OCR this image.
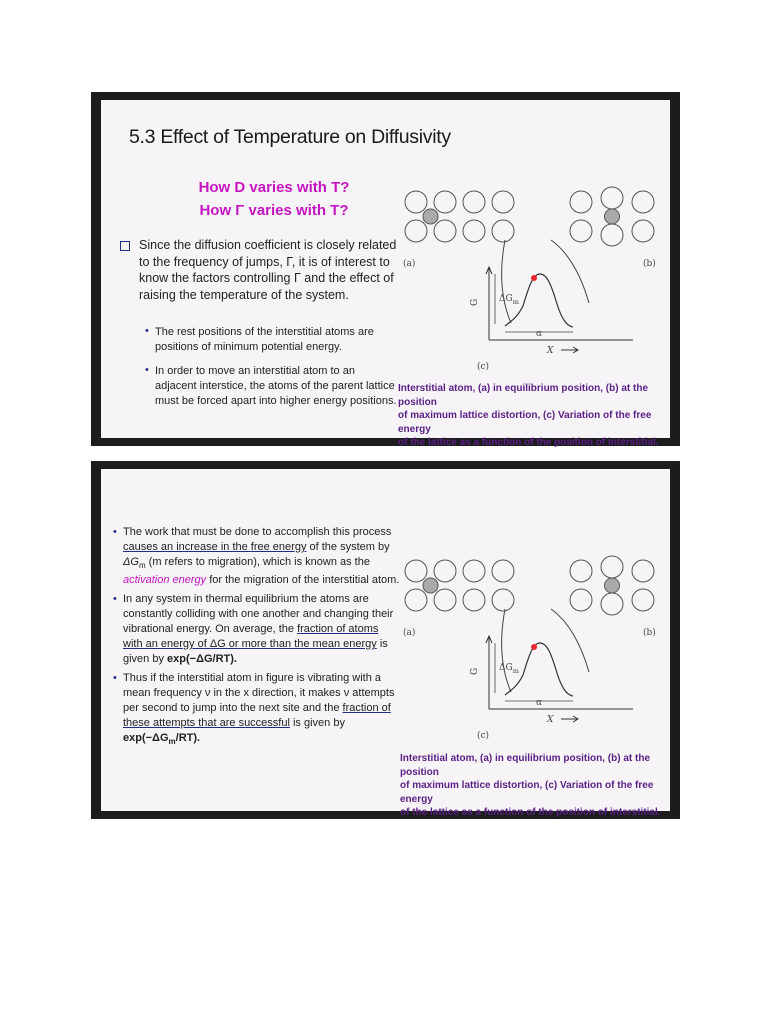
5.3 Effect of Temperature on Diffusivity
How D varies with T?
How Γ varies with T?
Since the diffusion coefficient is closely related
to the frequency of jumps, Γ, it is of interest to
know the factors controlling Γ and the effect of
raising the temperature of the system.
• The rest positions of the interstitial atoms are
positions of minimum potential energy.
• In order to move an interstitial atom to an
adjacent interstice, the atoms of the parent lattice
must be forced apart into higher energy positions.
(a)	(b)
(c)
G $\Delta G_m$
α
X
Interstitial atom, (a) in equilibrium position, (b) at the position
of maximum lattice distortion, (c) Variation of the free energy
of the lattice as a function of the position of interstitial.
• The work that must be done to accomplish this process
causes an increase in the free energy of the system by
$\Delta G_m$ (m refers to migration), which is known as the
activation energy for the migration of the interstitial atom.
• In any system in thermal equilibrium the atoms are
constantly colliding with one another and changing their
vibrational energy. On average, the fraction of atoms
with an energy of ΔG or more than the mean energy is
given by exp(−ΔG/RT).
• Thus if the interstitial atom in figure is vibrating with a
mean frequency ν in the x direction, it makes ν attempts
per second to jump into the next site and the fraction of
these attempts that are successful is given by
$\exp(-\Delta G_m/RT)$.
(a)	(b)
(c)
G $\Delta G_m$
α
X
Interstitial atom, (a) in equilibrium position, (b) at the position
of maximum lattice distortion, (c) Variation of the free energy
of the lattice as a function of the position of interstitial.
